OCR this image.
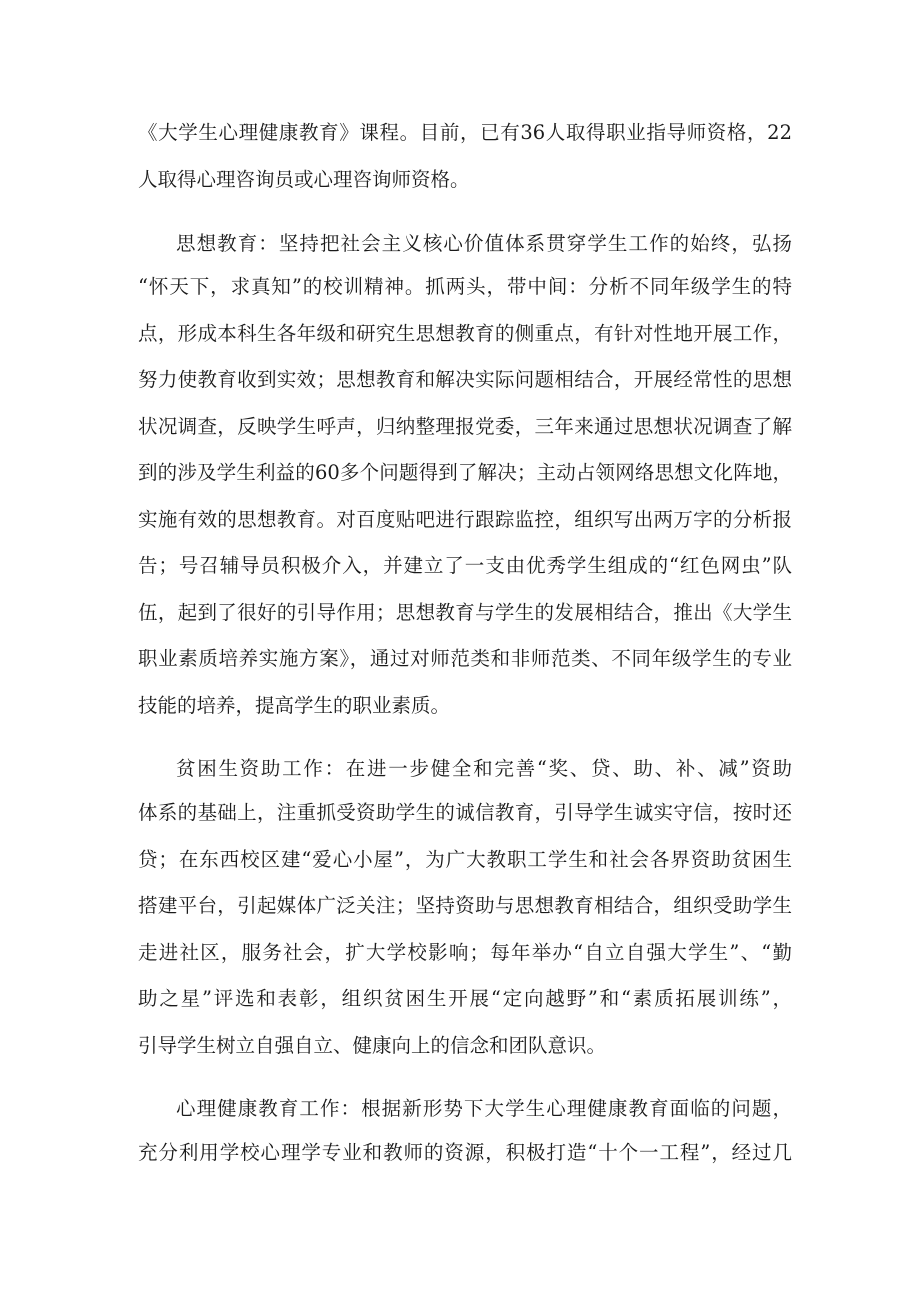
《大学生心理健康教育》课程。目前，已有36人取得职业指导师资格，22
人取得心理咨询员或心理咨询师资格。
思想教育：坚持把社会主义核心价值体系贯穿学生工作的始终，弘扬
“怀天下，求真知”的校训精神。抓两头，带中间：分析不同年级学生的特
点，形成本科生各年级和研究生思想教育的侧重点，有针对性地开展工作，
努力使教育收到实效；思想教育和解决实际问题相结合，开展经常性的思想
状况调查，反映学生呼声，归纳整理报党委，三年来通过思想状况调查了解
到的涉及学生利益的60多个问题得到了解决；主动占领网络思想文化阵地，
实施有效的思想教育。对百度贴吧进行跟踪监控，组织写出两万字的分析报
告；号召辅导员积极介入，并建立了一支由优秀学生组成的“红色网虫”队
伍，起到了很好的引导作用；思想教育与学生的发展相结合，推出《大学生
职业素质培养实施方案》，通过对师范类和非师范类、不同年级学生的专业
技能的培养，提高学生的职业素质。
贫困生资助工作：在进一步健全和完善“奖、贷、助、补、减”资助
体系的基础上，注重抓受资助学生的诚信教育，引导学生诚实守信，按时还
贷；在东西校区建“爱心小屋”，为广大教职工学生和社会各界资助贫困生
搭建平台，引起媒体广泛关注；坚持资助与思想教育相结合，组织受助学生
走进社区，服务社会，扩大学校影响；每年举办“自立自强大学生”、“勤
助之星”评选和表彰，组织贫困生开展“定向越野”和“素质拓展训练”，
引导学生树立自强自立、健康向上的信念和团队意识。
心理健康教育工作：根据新形势下大学生心理健康教育面临的问题，
充分利用学校心理学专业和教师的资源，积极打造“十个一工程”，经过几
